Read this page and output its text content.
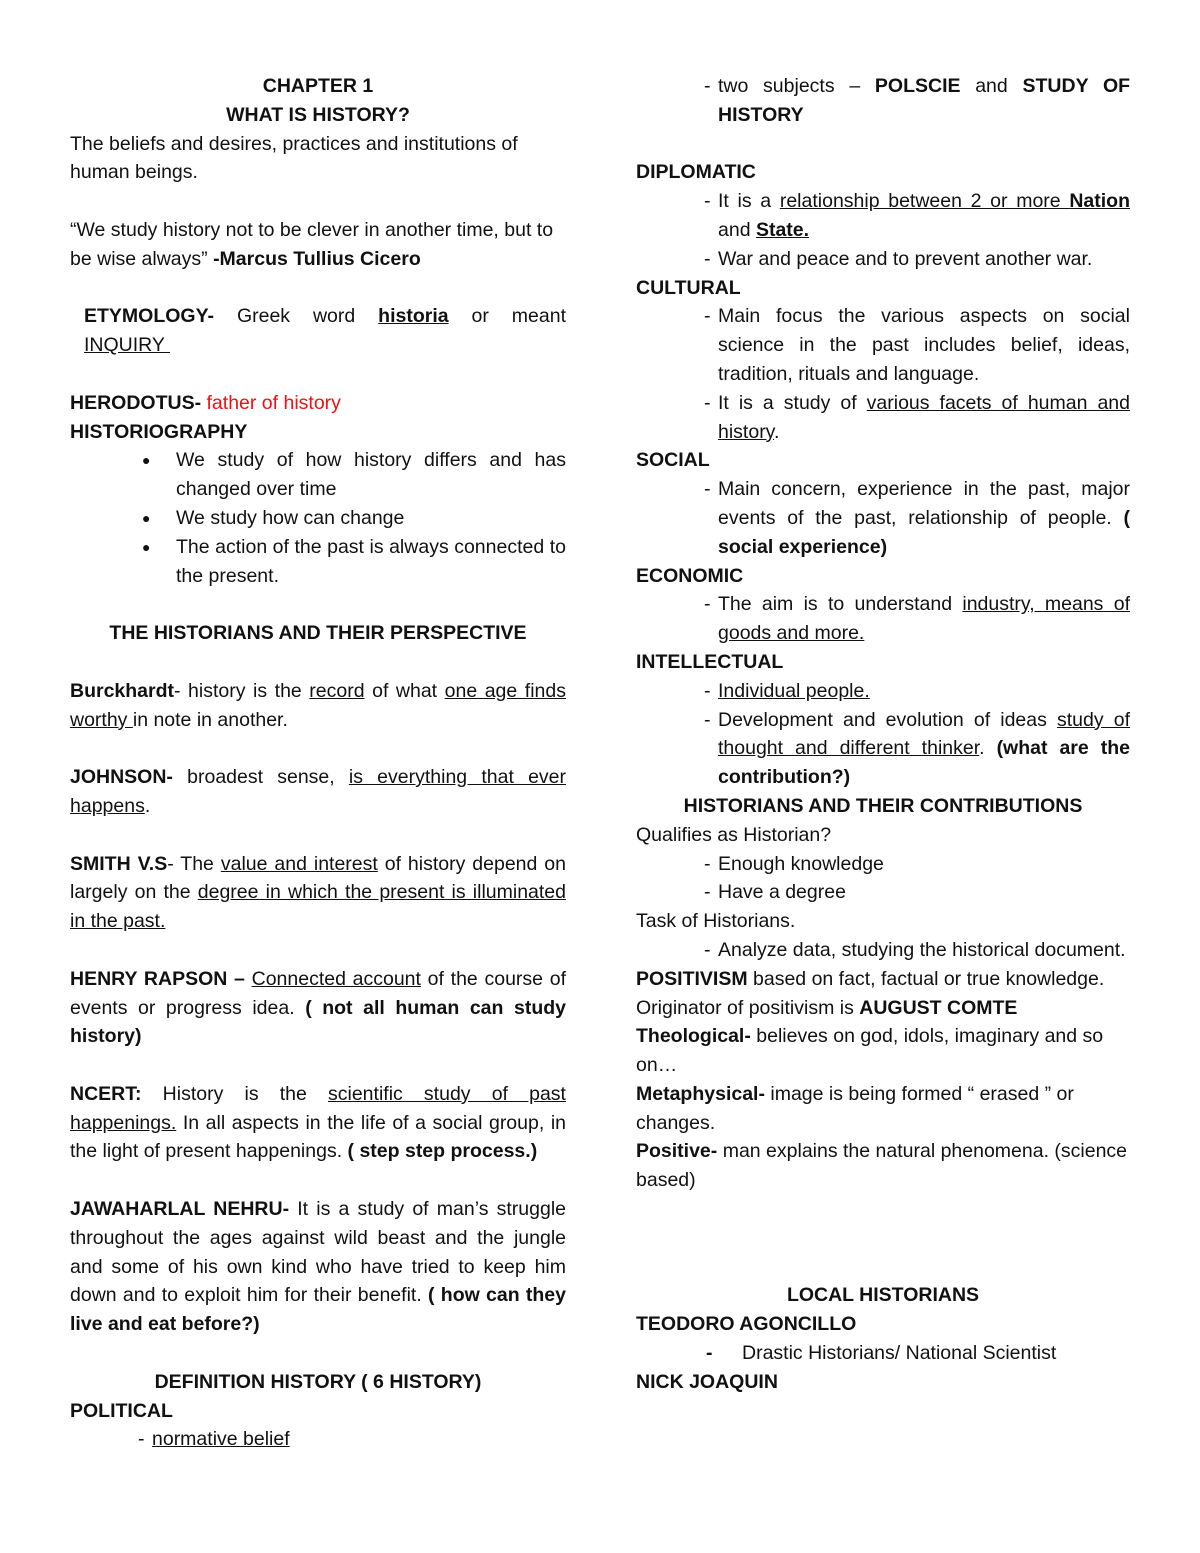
CHAPTER 1

WHAT IS HISTORY?

The beliefs and desires, practices and institutions of human beings.

“We study history not to be clever in another time, but to be wise always” -Marcus Tullius Cicero

ETYMOLOGY- Greek word historia or meant INQUIRY

HERODOTUS- father of history

HISTORIOGRAPHY

● We study of how history differs and has changed over time
● We study how can change
● The action of the past is always connected to the present.

THE HISTORIANS AND THEIR PERSPECTIVE

Burckhardt- history is the record of what one age finds worthy in note in another.

JOHNSON- broadest sense, is everything that ever happens.

SMITH V.S- The value and interest of history depend on largely on the degree in which the present is illuminated in the past.

HENRY RAPSON – Connected account of the course of events or progress idea. ( not all human can study history)

NCERT: History is the scientific study of past happenings. In all aspects in the life of a social group, in the light of present happenings. ( step step process.)

JAWAHARLAL NEHRU- It is a study of man’s struggle throughout the ages against wild beast and the jungle and some of his own kind who have tried to keep him down and to exploit him for their benefit. ( how can they live and eat before?)

DEFINITION HISTORY ( 6 HISTORY)

POLITICAL

- normative belief
- two subjects – POLSCIE and STUDY OF HISTORY

DIPLOMATIC

- It is a relationship between 2 or more Nation and State.
- War and peace and to prevent another war.

CULTURAL

- Main focus the various aspects on social science in the past includes belief, ideas, tradition, rituals and language.
- It is a study of various facets of human and history.

SOCIAL

- Main concern, experience in the past, major events of the past, relationship of people. ( social experience)

ECONOMIC

- The aim is to understand industry, means of goods and more.

INTELLECTUAL

- Individual people.
- Development and evolution of ideas study of thought and different thinker. (what are the contribution?)

HISTORIANS AND THEIR CONTRIBUTIONS

Qualifies as Historian?

- Enough knowledge
- Have a degree

Task of Historians.

- Analyze data, studying the historical document.

POSITIVISM based on fact, factual or true knowledge.

Originator of positivism is AUGUST COMTE

Theological- believes on god, idols, imaginary and so on…

Metaphysical- image is being formed “ erased ” or changes.

Positive- man explains the natural phenomena. (science based)

LOCAL HISTORIANS

TEODORO AGONCILLO

- Drastic Historians/ National Scientist

NICK JOAQUIN
